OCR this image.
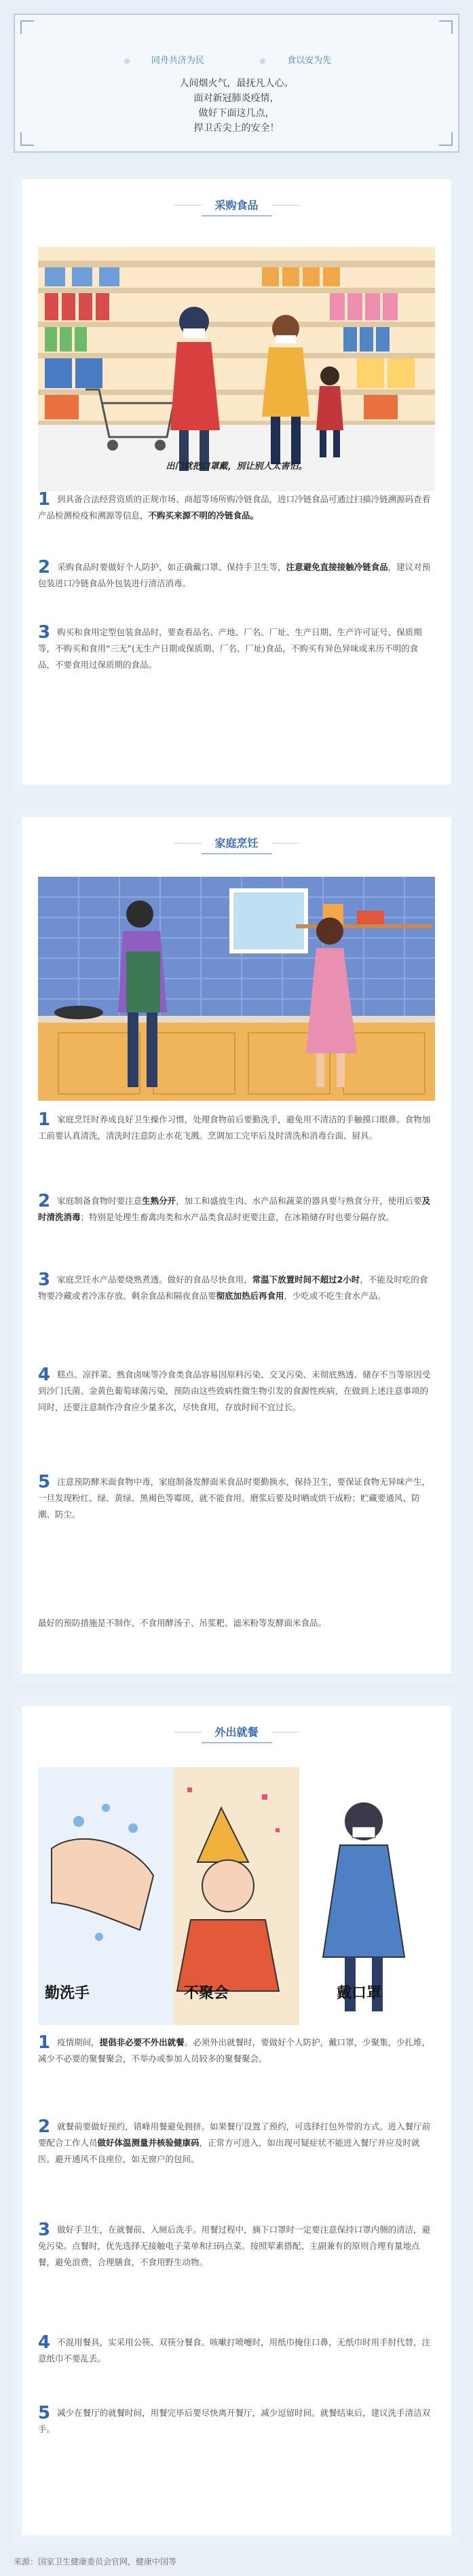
同舟共济为民	食以安为先
人间烟火气，最抚凡人心。
面对新冠肺炎疫情，
做好下面这几点，
捍卫舌尖上的安全！
采购食品
出门就把口罩戴，別让别人太害怕。
1 到具备合法经营资质的正规市场、商超等场所购冷链食品，进口冷链食品可通过扫描冷链溯源码查看产品检测检疫和溯源等信息，不购买来源不明的冷链食品。
2 采购食品时要做好个人防护，如正确戴口罩、保持手卫生等，注意避免直接接触冷链食品，建议对预包装进口冷链食品外包装进行清洁消毒。
3 购买和食用定型包装食品时，要查看品名、产地、厂名、厂址、生产日期、生产许可证号、保质期等，不购买和食用“三无”(无生产日期或保质期、厂名、厂址)食品，不购买有异色异味或来历不明的食品，不要食用过保质期的食品。
家庭烹饪
1 家庭烹饪时养成良好卫生操作习惯，处理食物前后要勤洗手，避免用不清洁的手触摸口眼鼻。食物加工前要认真清洗，清洗时注意防止水花飞溅。烹调加工完毕后及时清洗和消毒台面、厨具。
2 家庭制备食物时要注意生熟分开，加工和盛放生肉、水产品和蔬菜的器具要与熟食分开，使用后要及时清洗消毒；特别是处理生畜禽肉类和水产品类食品时更要注意，在冰箱储存时也要分隔存放。
3 家庭烹饪水产品要烧熟煮透。做好的食品尽快食用，常温下放置时间不超过2小时，不能及时吃的食物要冷藏或者冷冻存放。剩余食品和隔夜食品要彻底加热后再食用，少吃或不吃生食水产品。
4 糕点、凉拌菜、熟食卤味等冷食类食品容易因原料污染、交叉污染、未彻底熟透、储存不当等原因受到沙门氏菌、金黄色葡萄球菌污染，预防由这些致病性微生物引发的食源性疾病，在做到上述注意事项的同时，还要注意制作冷食应少量多次，尽快食用，存放时间不宜过长。
5 注意预防酵米面食物中毒，家庭制备发酵面米食品时要勤换水，保持卫生，要保证食物无异味产生，一旦发现粉红、绿、黄绿、黑褐色等霉斑，就不能食用。磨浆后要及时晒或烘干成粉；贮藏要通风、防潮、防尘。
最好的预防措施是不制作、不食用酵汤子、吊浆粑、滤米粉等发酵面米食品。
外出就餐
勤洗手	不聚会	戴口罩
1 疫情期间，提倡非必要不外出就餐。必须外出就餐时，要做好个人防护，戴口罩，少聚集，少扎堆，减少不必要的聚餐聚会，不举办或参加人员较多的聚餐聚会。
2 就餐前要做好预约，错峰用餐避免拥挤。如果餐厅设置了预约，可选择打包外带的方式。进入餐厅前要配合工作人员做好体温测量并核验健康码，正常方可进入，如出现可疑症状不能进入餐厅并应及时就医。避开通风不良座位，如无窗户的包间。
3 做好手卫生，在就餐前、入厕后洗手。用餐过程中，摘下口罩时一定要注意保持口罩内侧的清洁，避免污染。点餐时，优先选择无接触电子菜单和扫码点菜。按照荤素搭配、主副兼有的原则合理有量地点餐，避免浪费，合理膳食，不食用野生动物。
4 不混用餐具，实采用公筷、双筷分餐食。咳嗽打喷嚏时，用纸巾掩住口鼻，无纸巾时用手肘代替，注意纸巾不要乱丢。
5 减少在餐厅的就餐时间，用餐完毕后要尽快离开餐厅，减少逗留时间。就餐结束后，建议洗手清洁双手。
来源：国家卫生健康委员会官网，健康中国等
